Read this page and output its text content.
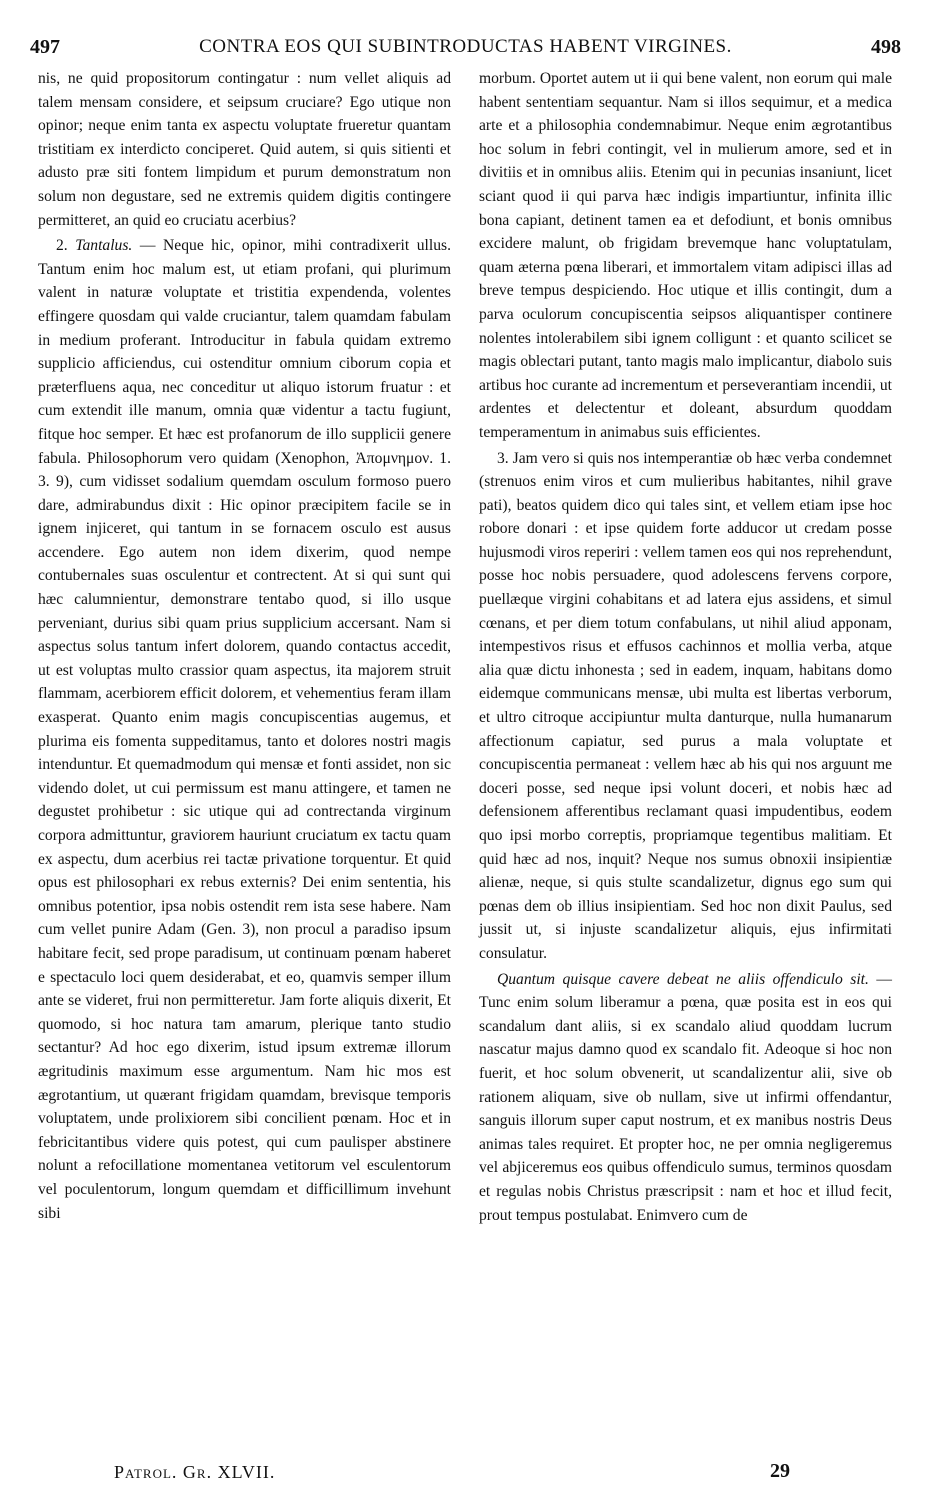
497	CONTRA EOS QUI SUBINTRODUCTAS HABENT VIRGINES.	498

nis, ne quid propositorum contingatur : num vellet aliquis ad talem mensam considere, et seipsum cruciare? Ego utique non opinor; neque enim tanta ex aspectu voluptate frueretur quantam tristitiam ex interdicto conciperet. Quid autem, si quis sitienti et adusto præ siti fontem limpidum et purum demonstratum non solum non degustare, sed ne extremis quidem digitis contingere permitteret, an quid eo cruciatu acerbius?

2. Tantalus. — Neque hic, opinor, mihi contradixerit ullus. Tantum enim hoc malum est, ut etiam profani, qui plurimum valent in naturæ voluptate et tristitia expendenda, volentes effingere quosdam qui valde cruciantur, talem quamdam fabulam in medium proferant. Introducitur in fabula quidam extremo supplicio afficiendus, cui ostenditur omnium ciborum copia et præterfluens aqua, nec conceditur ut aliquo istorum fruatur : et cum extendit ille manum, omnia quæ videntur a tactu fugiunt, fitque hoc semper. Et hæc est profanorum de illo supplicii genere fabula. Philosophorum vero quidam (Xenophon, Ἀπομνημον. 1. 3. 9), cum vidisset sodalium quemdam osculum formoso puero dare, admirabundus dixit : Hic opinor præcipitem facile se in ignem injiceret, qui tantum in se fornacem osculo est ausus accendere. Ego autem non idem dixerim, quod nempe contubernales suas osculentur et contrectent. At si qui sunt qui hæc calumnientur, demonstrare tentabo quod, si illo usque perveniant, durius sibi quam prius supplicium accersant. Nam si aspectus solus tantum infert dolorem, quando contactus accedit, ut est voluptas multo crassior quam aspectus, ita majorem struit flammam, acerbiorem efficit dolorem, et vehementius feram illam exasperat. Quanto enim magis concupiscentias augemus, et plurima eis fomenta suppeditamus, tanto et dolores nostri magis intenduntur. Et quemadmodum qui mensæ et fonti assidet, non sic videndo dolet, ut cui permissum est manu attingere, et tamen ne degustet prohibetur : sic utique qui ad contrectanda virginum corpora admittuntur, graviorem hauriunt cruciatum ex tactu quam ex aspectu, dum acerbius rei tactæ privatione torquentur. Et quid opus est philosophari ex rebus externis? Dei enim sententia, his omnibus potentior, ipsa nobis ostendit rem ista sese habere. Nam cum vellet punire Adam (Gen. 3), non procul a paradiso ipsum habitare fecit, sed prope paradisum, ut continuam pœnam haberet e spectaculo loci quem desiderabat, et eo, quamvis semper illum ante se videret, frui non permitteretur. Jam forte aliquis dixerit, Et quomodo, si hoc natura tam amarum, plerique tanto studio sectantur? Ad hoc ego dixerim, istud ipsum extremæ illorum ægritudinis maximum esse argumentum. Nam hic mos est ægrotantium, ut quærant frigidam quamdam, brevisque temporis voluptatem, unde prolixiorem sibi concilient pœnam. Hoc et in febricitantibus videre quis potest, qui cum paulisper abstinere nolunt a refocillatione momentanea vetitorum vel esculentorum vel poculentorum, longum quemdam et difficillimum invehunt sibi

morbum. Oportet autem ut ii qui bene valent, non eorum qui male habent sententiam sequantur. Nam si illos sequimur, et a medica arte et a philosophia condemnabimur. Neque enim ægrotantibus hoc solum in febri contingit, vel in mulierum amore, sed et in divitiis et in omnibus aliis. Etenim qui in pecunias insaniunt, licet sciant quod ii qui parva hæc indigis impartiuntur, infinita illic bona capiant, detinent tamen ea et defodiunt, et bonis omnibus excidere malunt, ob frigidam brevemque hanc voluptatulam, quam æterna pœna liberari, et immortalem vitam adipisci illas ad breve tempus despiciendo. Hoc utique et illis contingit, dum a parva oculorum concupiscentia seipsos aliquantisper continere nolentes intolerabilem sibi ignem colligunt : et quanto scilicet se magis oblectari putant, tanto magis malo implicantur, diabolo suis artibus hoc curante ad incrementum et perseverantiam incendii, ut ardentes et delectentur et doleant, absurdum quoddam temperamentum in animabus suis efficientes.

3. Jam vero si quis nos intemperantiæ ob hæc verba condemnet (strenuos enim viros et cum mulieribus habitantes, nihil grave pati), beatos quidem dico qui tales sint, et vellem etiam ipse hoc robore donari : et ipse quidem forte adducor ut credam posse hujusmodi viros reperiri : vellem tamen eos qui nos reprehendunt, posse hoc nobis persuadere, quod adolescens fervens corpore, puellæque virgini cohabitans et ad latera ejus assidens, et simul cœnans, et per diem totum confabulans, ut nihil aliud apponam, intempestivos risus et effusos cachinnos et mollia verba, atque alia quæ dictu inhonesta ; sed in eadem, inquam, habitans domo eidemque communicans mensæ, ubi multa est libertas verborum, et ultro citroque accipiuntur multa danturque, nulla humanarum affectionum capiatur, sed purus a mala voluptate et concupiscentia permaneat : vellem hæc ab his qui nos arguunt me doceri posse, sed neque ipsi volunt doceri, et nobis hæc ad defensionem afferentibus reclamant quasi impudentibus, eodem quo ipsi morbo correptis, propriamque tegentibus malitiam. Et quid hæc ad nos, inquit? Neque nos sumus obnoxii insipientiæ alienæ, neque, si quis stulte scandalizetur, dignus ego sum qui pœnas dem ob illius insipientiam. Sed hoc non dixit Paulus, sed jussit ut, si injuste scandalizetur aliquis, ejus infirmitati consulatur.

Quantum quisque cavere debeat ne aliis offendiculo sit. — Tunc enim solum liberamur a pœna, quæ posita est in eos qui scandalum dant aliis, si ex scandalo aliud quoddam lucrum nascatur majus damno quod ex scandalo fit. Adeoque si hoc non fuerit, et hoc solum obvenerit, ut scandalizentur alii, sive ob rationem aliquam, sive ob nullam, sive ut infirmi offendantur, sanguis illorum super caput nostrum, et ex manibus nostris Deus animas tales requiret. Et propter hoc, ne per omnia negligeremus vel abjiceremus eos quibus offendiculo sumus, terminos quosdam et regulas nobis Christus præscripsit : nam et hoc et illud fecit, prout tempus postulabat. Enimvero cum de

Patrol. Gr. XLVII.	29
